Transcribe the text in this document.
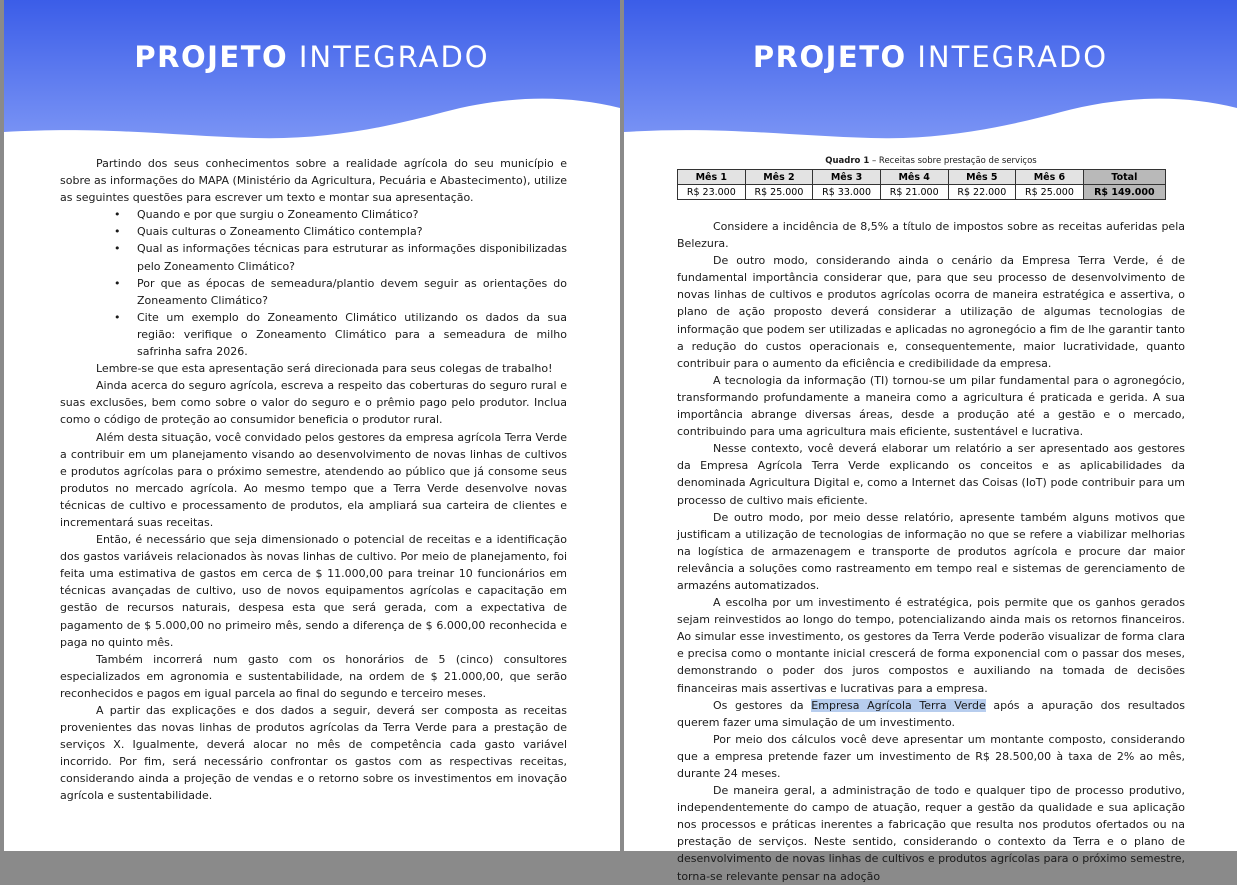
PROJETO INTEGRADO

Partindo dos seus conhecimentos sobre a realidade agrícola do seu município e sobre as informações do MAPA (Ministério da Agricultura, Pecuária e Abastecimento), utilize as seguintes questões para escrever um texto e montar sua apresentação.

• Quando e por que surgiu o Zoneamento Climático?
• Quais culturas o Zoneamento Climático contempla?
• Qual as informações técnicas para estruturar as informações disponibilizadas pelo Zoneamento Climático?
• Por que as épocas de semeadura/plantio devem seguir as orientações do Zoneamento Climático?
• Cite um exemplo do Zoneamento Climático utilizando os dados da sua região: verifique o Zoneamento Climático para a semeadura de milho safrinha safra 2026.

Lembre-se que esta apresentação será direcionada para seus colegas de trabalho!

Ainda acerca do seguro agrícola, escreva a respeito das coberturas do seguro rural e suas exclusões, bem como sobre o valor do seguro e o prêmio pago pelo produtor. Inclua como o código de proteção ao consumidor beneficia o produtor rural.

Além desta situação, você convidado pelos gestores da empresa agrícola Terra Verde a contribuir em um planejamento visando ao desenvolvimento de novas linhas de cultivos e produtos agrícolas para o próximo semestre, atendendo ao público que já consome seus produtos no mercado agrícola. Ao mesmo tempo que a Terra Verde desenvolve novas técnicas de cultivo e processamento de produtos, ela ampliará sua carteira de clientes e incrementará suas receitas.

Então, é necessário que seja dimensionado o potencial de receitas e a identificação dos gastos variáveis relacionados às novas linhas de cultivo. Por meio de planejamento, foi feita uma estimativa de gastos em cerca de $ 11.000,00 para treinar 10 funcionários em técnicas avançadas de cultivo, uso de novos equipamentos agrícolas e capacitação em gestão de recursos naturais, despesa esta que será gerada, com a expectativa de pagamento de $ 5.000,00 no primeiro mês, sendo a diferença de $ 6.000,00 reconhecida e paga no quinto mês.

Também incorrerá num gasto com os honorários de 5 (cinco) consultores especializados em agronomia e sustentabilidade, na ordem de $ 21.000,00, que serão reconhecidos e pagos em igual parcela ao final do segundo e terceiro meses.

A partir das explicações e dos dados a seguir, deverá ser composta as receitas provenientes das novas linhas de produtos agrícolas da Terra Verde para a prestação de serviços X. Igualmente, deverá alocar no mês de competência cada gasto variável incorrido. Por fim, será necessário confrontar os gastos com as respectivas receitas, considerando ainda a projeção de vendas e o retorno sobre os investimentos em inovação agrícola e sustentabilidade.

PROJETO INTEGRADO
Quadro 1 – Receitas sobre prestação de serviços
Mês 1	Mês 2	Mês 3	Mês 4	Mês 5	Mês 6	Total
R$ 23.000	R$ 25.000	R$ 33.000	R$ 21.000	R$ 22.000	R$ 25.000	R$ 149.000

Considere a incidência de 8,5% a título de impostos sobre as receitas auferidas pela Belezura.

De outro modo, considerando ainda o cenário da Empresa Terra Verde, é de fundamental importância considerar que, para que seu processo de desenvolvimento de novas linhas de cultivos e produtos agrícolas ocorra de maneira estratégica e assertiva, o plano de ação proposto deverá considerar a utilização de algumas tecnologias de informação que podem ser utilizadas e aplicadas no agronegócio a fim de lhe garantir tanto a redução do custos operacionais e, consequentemente, maior lucratividade, quanto contribuir para o aumento da eficiência e credibilidade da empresa.

A tecnologia da informação (TI) tornou-se um pilar fundamental para o agronegócio, transformando profundamente a maneira como a agricultura é praticada e gerida. A sua importância abrange diversas áreas, desde a produção até a gestão e o mercado, contribuindo para uma agricultura mais eficiente, sustentável e lucrativa.

Nesse contexto, você deverá elaborar um relatório a ser apresentado aos gestores da Empresa Agrícola Terra Verde explicando os conceitos e as aplicabilidades da denominada Agricultura Digital e, como a Internet das Coisas (IoT) pode contribuir para um processo de cultivo mais eficiente.

De outro modo, por meio desse relatório, apresente também alguns motivos que justificam a utilização de tecnologias de informação no que se refere a viabilizar melhorias na logística de armazenagem e transporte de produtos agrícola e procure dar maior relevância a soluções como rastreamento em tempo real e sistemas de gerenciamento de armazéns automatizados.

A escolha por um investimento é estratégica, pois permite que os ganhos gerados sejam reinvestidos ao longo do tempo, potencializando ainda mais os retornos financeiros. Ao simular esse investimento, os gestores da Terra Verde poderão visualizar de forma clara e precisa como o montante inicial crescerá de forma exponencial com o passar dos meses, demonstrando o poder dos juros compostos e auxiliando na tomada de decisões financeiras mais assertivas e lucrativas para a empresa.

Os gestores da Empresa Agrícola Terra Verde após a apuração dos resultados querem fazer uma simulação de um investimento.

Por meio dos cálculos você deve apresentar um montante composto, considerando que a empresa pretende fazer um investimento de R$ 28.500,00 à taxa de 2% ao mês, durante 24 meses.

De maneira geral, a administração de todo e qualquer tipo de processo produtivo, independentemente do campo de atuação, requer a gestão da qualidade e sua aplicação nos processos e práticas inerentes a fabricação que resulta nos produtos ofertados ou na prestação de serviços. Neste sentido, considerando o contexto da Terra e o plano de desenvolvimento de novas linhas de cultivos e produtos agrícolas para o próximo semestre, torna-se relevante pensar na adoção
